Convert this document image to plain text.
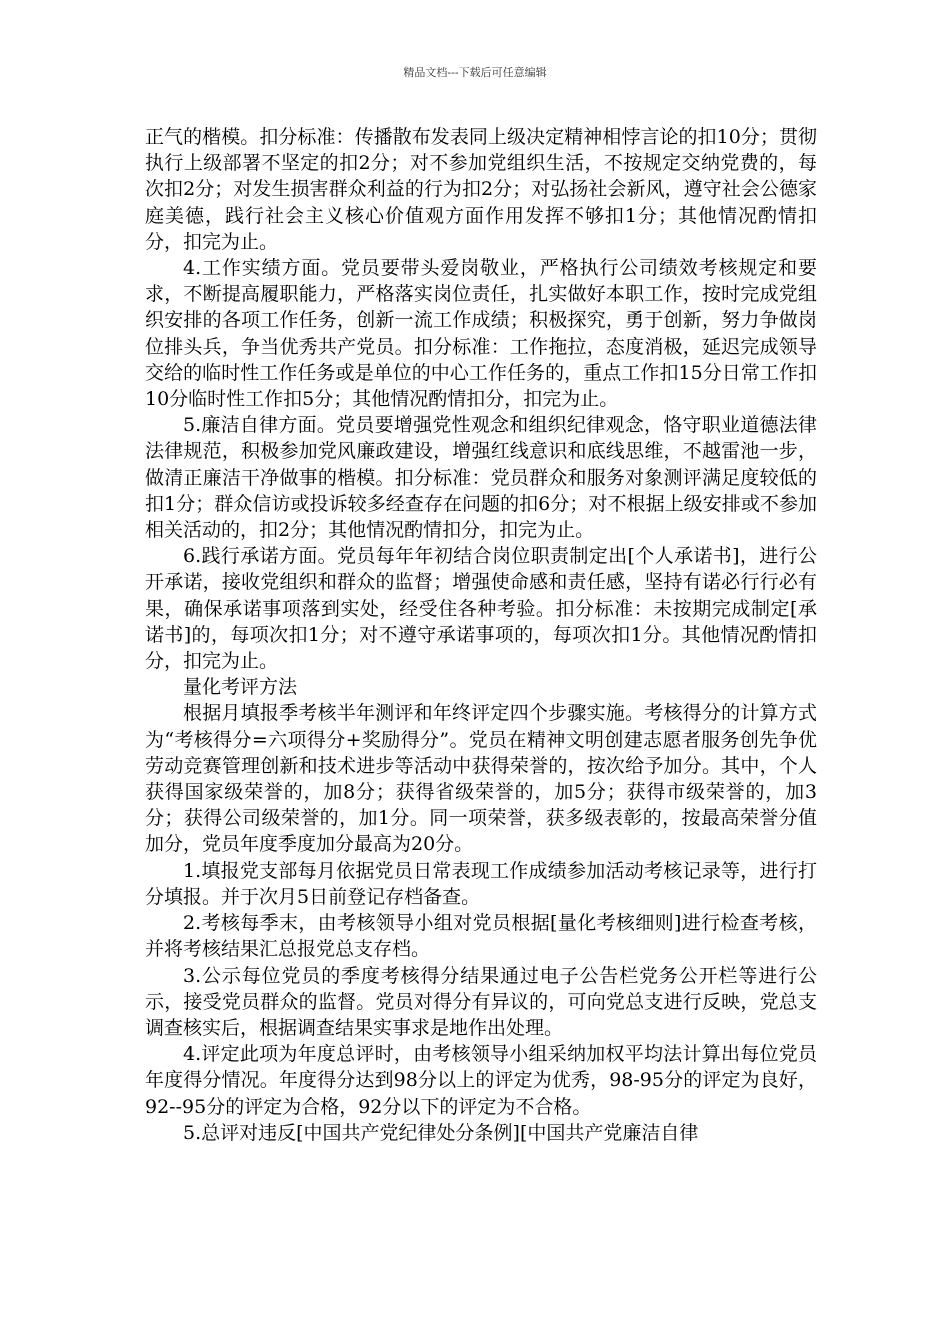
精品文档---下载后可任意编辑

正气的楷模。扣分标准：传播散布发表同上级决定精神相悖言论的扣10分；贯彻执行上级部署不坚定的扣2分；对不参加党组织生活，不按规定交纳党费的，每次扣2分；对发生损害群众利益的行为扣2分；对弘扬社会新风，遵守社会公德家庭美德，践行社会主义核心价值观方面作用发挥不够扣1分；其他情况酌情扣分，扣完为止。

4.工作实绩方面。党员要带头爱岗敬业，严格执行公司绩效考核规定和要求，不断提高履职能力，严格落实岗位责任，扎实做好本职工作，按时完成党组织安排的各项工作任务，创新一流工作成绩；积极探究，勇于创新，努力争做岗位排头兵，争当优秀共产党员。扣分标准：工作拖拉，态度消极，延迟完成领导交给的临时性工作任务或是单位的中心工作任务的，重点工作扣15分日常工作扣10分临时性工作扣5分；其他情况酌情扣分，扣完为止。

5.廉洁自律方面。党员要增强党性观念和组织纪律观念，恪守职业道德法律法律规范，积极参加党风廉政建设，增强红线意识和底线思维，不越雷池一步，做清正廉洁干净做事的楷模。扣分标准：党员群众和服务对象测评满足度较低的扣1分；群众信访或投诉较多经查存在问题的扣6分；对不根据上级安排或不参加相关活动的，扣2分；其他情况酌情扣分，扣完为止。

6.践行承诺方面。党员每年年初结合岗位职责制定出[个人承诺书]，进行公开承诺，接收党组织和群众的监督；增强使命感和责任感，坚持有诺必行行必有果，确保承诺事项落到实处，经受住各种考验。扣分标准：未按期完成制定[承诺书]的，每项次扣1分；对不遵守承诺事项的，每项次扣1分。其他情况酌情扣分，扣完为止。

量化考评方法

根据月填报季考核半年测评和年终评定四个步骤实施。考核得分的计算方式为“考核得分=六项得分+奖励得分”。党员在精神文明创建志愿者服务创先争优劳动竞赛管理创新和技术进步等活动中获得荣誉的，按次给予加分。其中，个人获得国家级荣誉的，加8分；获得省级荣誉的，加5分；获得市级荣誉的，加3分；获得公司级荣誉的，加1分。同一项荣誉，获多级表彰的，按最高荣誉分值加分，党员年度季度加分最高为20分。

1.填报党支部每月依据党员日常表现工作成绩参加活动考核记录等，进行打分填报。并于次月5日前登记存档备查。

2.考核每季末，由考核领导小组对党员根据[量化考核细则]进行检查考核，并将考核结果汇总报党总支存档。

3.公示每位党员的季度考核得分结果通过电子公告栏党务公开栏等进行公示，接受党员群众的监督。党员对得分有异议的，可向党总支进行反映，党总支调查核实后，根据调查结果实事求是地作出处理。

4.评定此项为年度总评时，由考核领导小组采纳加权平均法计算出每位党员年度得分情况。年度得分达到98分以上的评定为优秀，98-95分的评定为良好，92--95分的评定为合格，92分以下的评定为不合格。

5.总评对违反[中国共产党纪律处分条例][中国共产党廉洁自律
